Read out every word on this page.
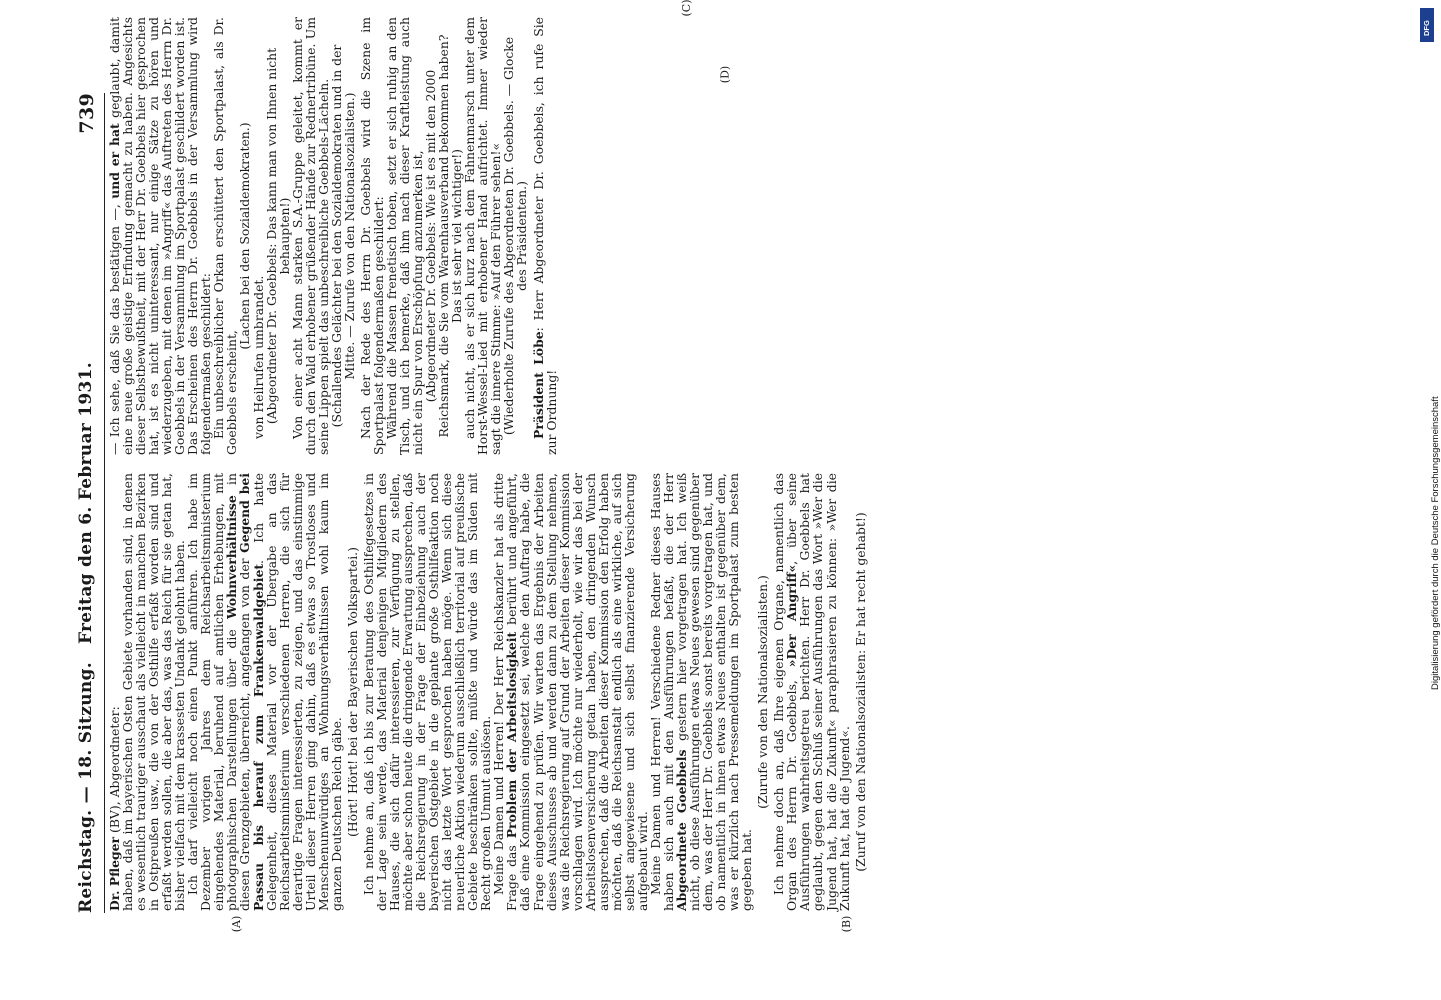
Reichstag. — 18. Sitzung.
Freitag den 6. Februar 1931.
739
(A)	(B)

Dr. Pfleger (BV), Abgeordneter:

haben, daß im bayerischen Osten Gebiete vorhanden sind, in denen es wesentlich trauriger ausschaut als vielleicht in manchen Bezirken in Ostpreußen usw., die von der Osthilfe erfaßt worden sind und erfaßt werden sollen, die aber das, was das Reich für sie getan hat, bisher vielfach mit dem krassesten Undank gelohnt haben.

Ich darf vielleicht noch einen Punkt anführen. Ich habe im Dezember vorigen Jahres dem Reichsarbeitsministerium eingehendes Material, beruhend auf amtlichen Erhebungen, mit photographischen Darstellungen über die Wohnverhältnisse in diesen Grenzgebieten, überreicht, angefangen von der Gegend bei Passau bis herauf zum Frankenwaldgebiet. Ich hatte Gelegenheit, dieses Material vor der Übergabe an das Reichsarbeitsministerium verschiedenen Herren, die sich für derartige Fragen interessierten, zu zeigen, und das einstimmige Urteil dieser Herren ging dahin, daß es etwas so Trostloses und Menschenunwürdiges an Wohnungsverhältnissen wohl kaum im ganzen Deutschen Reich gäbe. (Hört! Hört! bei der Bayerischen Volkspartei.) Ich nehme an, daß ich bis zur Beratung des Osthilfegesetzes in der Lage sein werde, das Material denjenigen Mitgliedern des Hauses, die sich dafür interessieren, zur Verfügung zu stellen, möchte aber schon heute die dringende Erwartung aussprechen, daß die Reichsregierung in der Frage der Einbeziehung auch der bayerischen Ostgebiete in die geplante große Osthilfeaktion noch nicht das letzte Wort gesprochen haben möge. Wenn sich diese neuerliche Aktion wiederum ausschließlich territorial auf preußische Gebiete beschränken sollte, müßte und würde das im Süden mit Recht großen Unmut auslösen.

Meine Damen und Herren! Der Herr Reichskanzler hat als dritte Frage das Problem der Arbeitslosigkeit berührt und angeführt, daß eine Kommission eingesetzt sei, welche den Auftrag habe, die Frage eingehend zu prüfen. Wir warten das Ergebnis der Arbeiten dieses Ausschusses ab und werden dann zu dem Stellung nehmen, was die Reichsregierung auf Grund der Arbeiten dieser Kommission vorschlagen wird. Ich möchte nur wiederholt, wie wir das bei der Arbeitslosenversicherung getan haben, den dringenden Wunsch aussprechen, daß die Arbeiten dieser Kommission den Erfolg haben möchten, daß die Reichsanstalt endlich als eine wirkliche, auf sich selbst angewiesene und sich selbst finanzierende Versicherung aufgebaut wird.

Meine Damen und Herren! Verschiedene Redner dieses Hauses haben sich auch mit den Ausführungen befaßt, die der Herr Abgeordnete Goebbels gestern hier vorgetragen hat. Ich weiß nicht, ob diese Ausführungen etwas Neues gewesen sind gegenüber dem, was der Herr Dr. Goebbels sonst bereits vorgetragen hat, und ob namentlich in ihnen etwas Neues enthalten ist gegenüber dem, was er kürzlich nach Pressemeldungen im Sportpalast zum besten gegeben hat.

(Zurufe von den Nationalsozialisten.) Ich nehme doch an, daß Ihre eigenen Organe, namentlich das Organ des Herrn Dr. Goebbels, »Der Angriff«, über seine Ausführungen wahrheitsgetreu berichten. Herr Dr. Goebbels hat geglaubt, gegen den Schluß seiner Ausführungen das Wort »Wer die Jugend hat, hat die Zukunft« paraphrasieren zu können: »Wer die Zukunft hat, hat die Jugend«. (Zuruf von den Nationalsozialisten: Er hat recht gehabt!)

— Ich sehe, daß Sie das bestätigen —, und er hat geglaubt, damit eine neue große geistige Erfindung gemacht zu haben. Angesichts dieser Selbstbewußtheit, mit der Herr Dr. Goebbels hier gesprochen hat, ist es nicht uninteressant, nur einige Sätze zu hören und wiederzugeben, mit denen im »Angriff« das Auftreten des Herrn Dr. Goebbels in der Versammlung im Sportpalast geschildert worden ist. Das Erscheinen des Herrn Dr. Goebbels in der Versammlung wird folgendermaßen geschildert:

Ein unbeschreiblicher Orkan erschüttert den Sportpalast, als Dr. Goebbels erscheint,

(Lachen bei den Sozialdemokraten.)

von Heilrufen umbrandet.

(Abgeordneter Dr. Goebbels: Das kann man von Ihnen nicht behaupten!)

Von einer acht Mann starken S.A.-Gruppe geleitet, kommt er durch den Wald erhobener grüßender Hände zur Rednertribüne. Um seine Lippen spielt das unbeschreibliche Goebbels-Lächeln.

(Schallendes Gelächter bei den Sozialdemokraten und in der Mitte. — Zurufe von den Nationalsozialisten.) Nach der Rede des Herrn Dr. Goebbels wird die Szene im Sportpalast folgendermaßen geschildert:

Während die Massen frenetisch toben, setzt er sich ruhig an den Tisch, und ich bemerke, daß ihm nach dieser Kraftleistung auch nicht ein Spur von Erschöpfung anzumerken ist,

(Abgeordneter Dr. Goebbels: Wie ist es mit den 2000 Reichsmark, die Sie vom Warenhausverband bekommen haben? Das ist sehr viel wichtiger!)

auch nicht, als er sich kurz nach dem Fahnenmarsch unter dem Horst-Wessel-Lied mit erhobener Hand aufrichtet. Immer wieder sagt die innere Stimme: »Auf den Führer sehen!«

(Wiederholte Zurufe des Abgeordneten Dr. Goebbels. — Glocke des Präsidenten.)

Präsident Löbe: Herr Abgeordneter Dr. Goebbels, ich rufe Sie zur Ordnung!

(C)
(D)
DFG
Digitalisierung gefördert durch die Deutsche Forschungsgemeinschaft
